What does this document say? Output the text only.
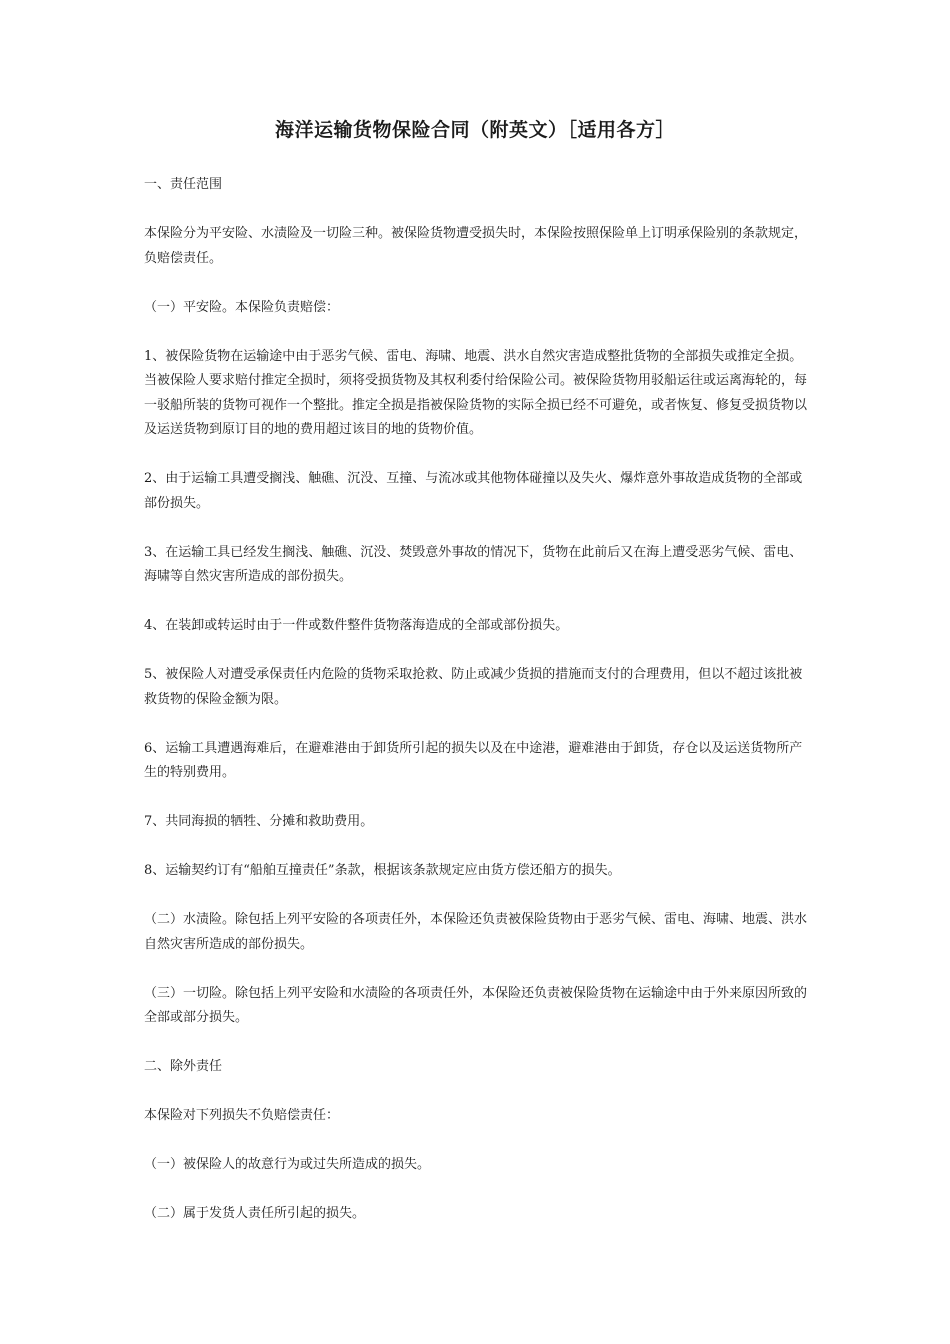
海洋运输货物保险合同（附英文）［适用各方］

一、责任范围

本保险分为平安险、水渍险及一切险三种。被保险货物遭受损失时，本保险按照保险单上订明承保险别的条款规定，负赔偿责任。

（一）平安险。本保险负责赔偿：

1、被保险货物在运输途中由于恶劣气候、雷电、海啸、地震、洪水自然灾害造成整批货物的全部损失或推定全损。当被保险人要求赔付推定全损时，须将受损货物及其权利委付给保险公司。被保险货物用驳船运往或运离海轮的，每一驳船所装的货物可视作一个整批。推定全损是指被保险货物的实际全损已经不可避免，或者恢复、修复受损货物以及运送货物到原订目的地的费用超过该目的地的货物价值。

2、由于运输工具遭受搁浅、触礁、沉没、互撞、与流冰或其他物体碰撞以及失火、爆炸意外事故造成货物的全部或部份损失。

3、在运输工具已经发生搁浅、触礁、沉没、焚毁意外事故的情况下，货物在此前后又在海上遭受恶劣气候、雷电、海啸等自然灾害所造成的部份损失。

4、在装卸或转运时由于一件或数件整件货物落海造成的全部或部份损失。

5、被保险人对遭受承保责任内危险的货物采取抢救、防止或减少货损的措施而支付的合理费用，但以不超过该批被救货物的保险金额为限。

6、运输工具遭遇海难后，在避难港由于卸货所引起的损失以及在中途港，避难港由于卸货，存仓以及运送货物所产生的特别费用。

7、共同海损的牺牲、分摊和救助费用。

8、运输契约订有“船舶互撞责任”条款，根据该条款规定应由货方偿还船方的损失。

（二）水渍险。除包括上列平安险的各项责任外，本保险还负责被保险货物由于恶劣气候、雷电、海啸、地震、洪水自然灾害所造成的部份损失。

（三）一切险。除包括上列平安险和水渍险的各项责任外，本保险还负责被保险货物在运输途中由于外来原因所致的全部或部分损失。

二、除外责任

本保险对下列损失不负赔偿责任：

（一）被保险人的故意行为或过失所造成的损失。

（二）属于发货人责任所引起的损失。
